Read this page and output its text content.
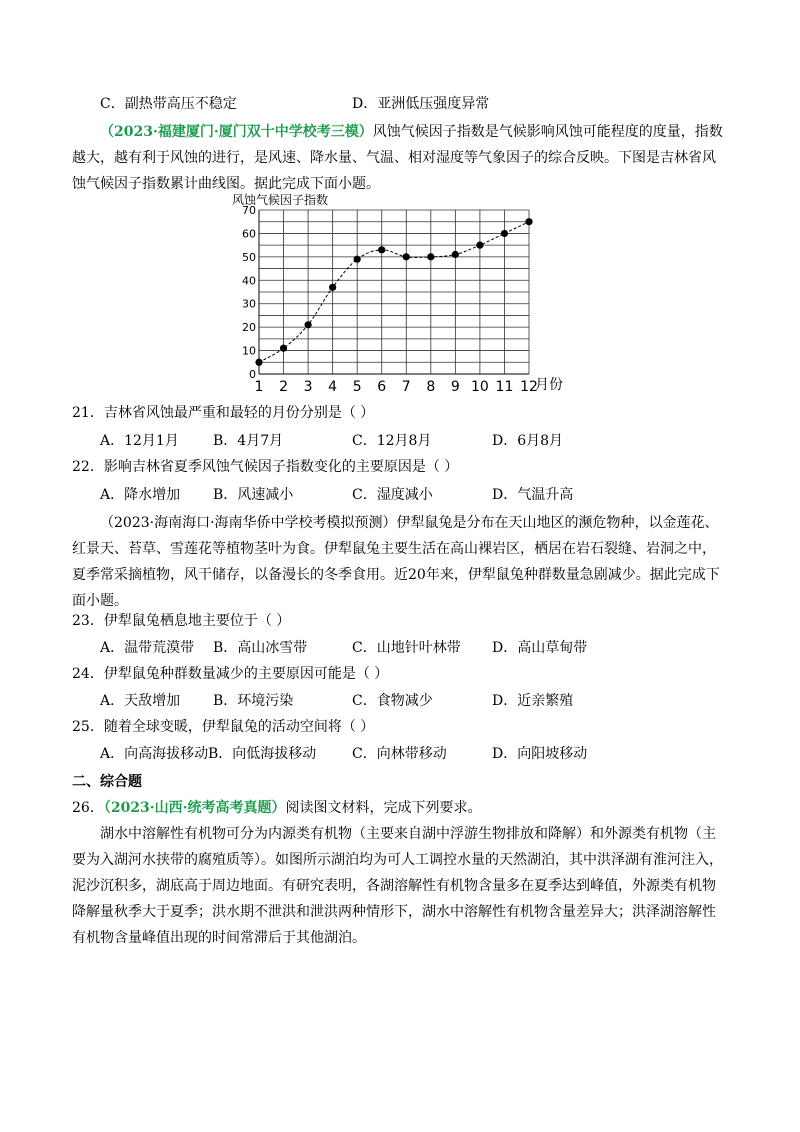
C．副热带高压不稳定	D．亚洲低压强度异常
（2023·福建厦门·厦门双十中学校考三模）风蚀气候因子指数是气候影响风蚀可能程度的度量，指数
越大，越有利于风蚀的进行，是风速、降水量、气温、相对湿度等气象因子的综合反映。下图是吉林省风
蚀气候因子指数累计曲线图。据此完成下面小题。
0
10
20
30
40
50
60
70
1 2 3 4 5 6 7 8 9 10 11 12
风蚀气候因子指数
月份
21．吉林省风蚀最严重和最轻的月份分别是（ ）
A．12月1月 B．4月7月	C．12月8月	D．6月8月
22．影响吉林省夏季风蚀气候因子指数变化的主要原因是（ ）
A．降水增加 B．风速减小	C．湿度减小	D．气温升高
（2023·海南海口·海南华侨中学校考模拟预测）伊犁鼠兔是分布在天山地区的濒危物种，以金莲花、
红景天、苔草、雪莲花等植物茎叶为食。伊犁鼠兔主要生活在高山裸岩区，栖居在岩石裂缝、岩洞之中，
夏季常采摘植物，风干储存，以备漫长的冬季食用。近20年来，伊犁鼠兔种群数量急剧减少。据此完成下
面小题。
23．伊犁鼠兔栖息地主要位于（ ）
A．温带荒漠带 B．高山冰雪带	C．山地针叶林带 D．高山草甸带
24．伊犁鼠兔种群数量减少的主要原因可能是（ ）
A．天敌增加 B．环境污染	C．食物减少	D．近亲繁殖
25．随着全球变暖，伊犁鼠兔的活动空间将（ ）
A．向高海拔移动 B．向低海拔移动	C．向林带移动	D．向阳坡移动
二、综合题
26．（2023·山西·统考高考真题）阅读图文材料，完成下列要求。
湖水中溶解性有机物可分为内源类有机物（主要来自湖中浮游生物排放和降解）和外源类有机物（主
要为入湖河水挟带的腐殖质等）。如图所示湖泊均为可人工调控水量的天然湖泊，其中洪泽湖有淮河注入，
泥沙沉积多，湖底高于周边地面。有研究表明，各湖溶解性有机物含量多在夏季达到峰值，外源类有机物
降解量秋季大于夏季；洪水期不泄洪和泄洪两种情形下，湖水中溶解性有机物含量差异大；洪泽湖溶解性
有机物含量峰值出现的时间常滞后于其他湖泊。
